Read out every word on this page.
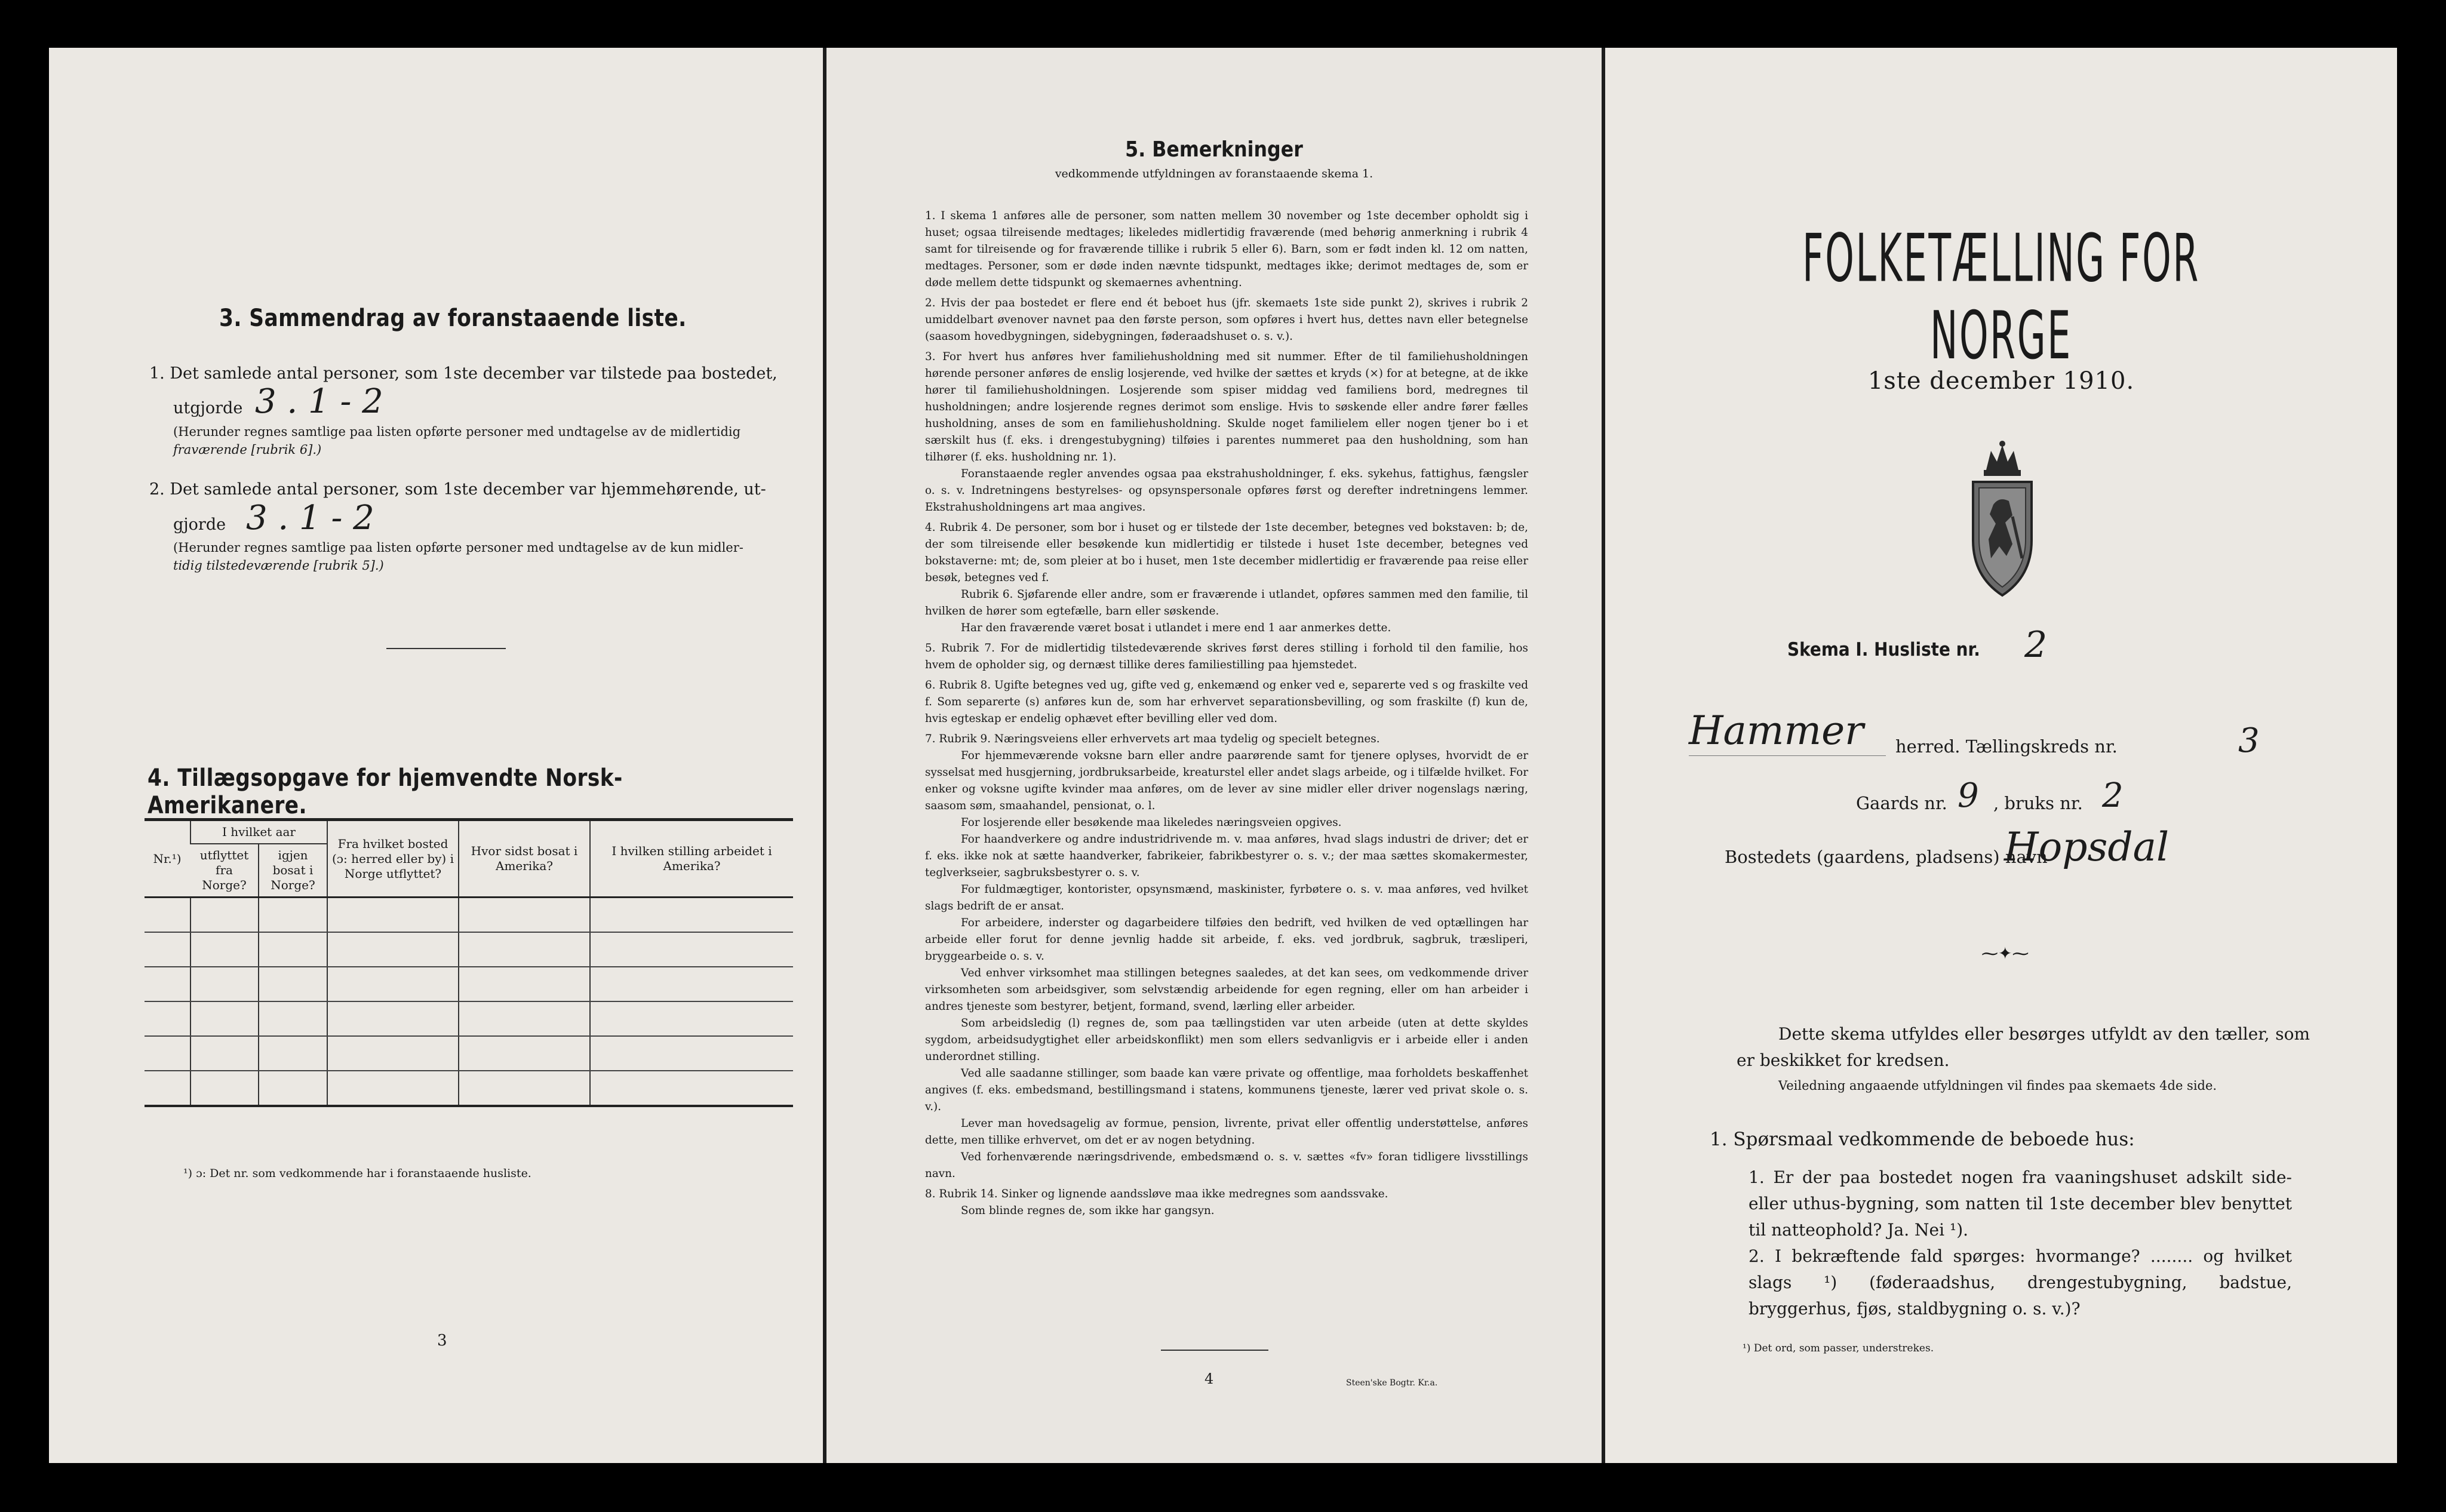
3. Sammendrag av foranstaaende liste.
1. Det samlede antal personer, som 1ste december var tilstede paa bostedet,
utgjorde 3 . 1 - 2
(Herunder regnes samtlige paa listen opførte personer med undtagelse av de midlertidig
fraværende [rubrik 6].)
2. Det samlede antal personer, som 1ste december var hjemmehørende, ut-
gjorde 3 . 1 - 2
(Herunder regnes samtlige paa listen opførte personer med undtagelse av de kun midler-
tidig tilstedeværende [rubrik 5].)
4. Tillægsopgave for hjemvendte Norsk-Amerikanere.
Nr.¹)	I hvilket aar		Fra hvilket bosted (ɔ: herred eller by) i Norge utflyttet?	Hvor sidst bosat i Amerika?	I hvilken stilling arbeidet i Amerika?
	utflyttet fra Norge?	igjen bosat i Norge?			

¹) ɔ: Det nr. som vedkommende har i foranstaaende husliste.
3
5. Bemerkninger
vedkommende utfyldningen av foranstaaende skema 1.

1. I skema 1 anføres alle de personer, som natten mellem 30 november og 1ste december opholdt sig i huset; ogsaa tilreisende medtages; likeledes midlertidig fraværende (med behørig anmerkning i rubrik 4 samt for tilreisende og for fraværende tillike i rubrik 5 eller 6). Barn, som er født inden kl. 12 om natten, medtages. Personer, som er døde inden nævnte tidspunkt, medtages ikke; derimot medtages de, som er døde mellem dette tidspunkt og skemaernes avhentning.

2. Hvis der paa bostedet er flere end ét beboet hus (jfr. skemaets 1ste side punkt 2), skrives i rubrik 2 umiddelbart øvenover navnet paa den første person, som opføres i hvert hus, dettes navn eller betegnelse (saasom hovedbygningen, sidebygningen, føderaadshuset o. s. v.).

3. For hvert hus anføres hver familiehusholdning med sit nummer. Efter de til familiehusholdningen hørende personer anføres de enslig losjerende, ved hvilke der sættes et kryds (×) for at betegne, at de ikke hører til familiehusholdningen. Losjerende som spiser middag ved familiens bord, medregnes til husholdningen; andre losjerende regnes derimot som enslige. Hvis to søskende eller andre fører fælles husholdning, anses de som en familiehusholdning. Skulde noget familielem eller nogen tjener bo i et særskilt hus (f. eks. i drengestubygning) tilføies i parentes nummeret paa den husholdning, som han tilhører (f. eks. husholdning nr. 1).

Foranstaaende regler anvendes ogsaa paa ekstrahusholdninger, f. eks. sykehus, fattighus, fængsler o. s. v. Indretningens bestyrelses- og opsynspersonale opføres først og derefter indretningens lemmer. Ekstrahusholdningens art maa angives.

4. Rubrik 4. De personer, som bor i huset og er tilstede der 1ste december, betegnes ved bokstaven: b; de, der som tilreisende eller besøkende kun midlertidig er tilstede i huset 1ste december, betegnes ved bokstaverne: mt; de, som pleier at bo i huset, men 1ste december midlertidig er fraværende paa reise eller besøk, betegnes ved f.

Rubrik 6. Sjøfarende eller andre, som er fraværende i utlandet, opføres sammen med den familie, til hvilken de hører som egtefælle, barn eller søskende.

Har den fraværende været bosat i utlandet i mere end 1 aar anmerkes dette.

5. Rubrik 7. For de midlertidig tilstedeværende skrives først deres stilling i forhold til den familie, hos hvem de opholder sig, og dernæst tillike deres familiestilling paa hjemstedet.

6. Rubrik 8. Ugifte betegnes ved ug, gifte ved g, enkemænd og enker ved e, separerte ved s og fraskilte ved f. Som separerte (s) anføres kun de, som har erhvervet separationsbevilling, og som fraskilte (f) kun de, hvis egteskap er endelig ophævet efter bevilling eller ved dom.

7. Rubrik 9. Næringsveiens eller erhvervets art maa tydelig og specielt betegnes.

For hjemmeværende voksne barn eller andre paarørende samt for tjenere oplyses, hvorvidt de er sysselsat med husgjerning, jordbruksarbeide, kreaturstel eller andet slags arbeide, og i tilfælde hvilket. For enker og voksne ugifte kvinder maa anføres, om de lever av sine midler eller driver nogenslags næring, saasom søm, smaahandel, pensionat, o. l.

For losjerende eller besøkende maa likeledes næringsveien opgives.

For haandverkere og andre industridrivende m. v. maa anføres, hvad slags industri de driver; det er f. eks. ikke nok at sætte haandverker, fabrikeier, fabrikbestyrer o. s. v.; der maa sættes skomakermester, teglverkseier, sagbruksbestyrer o. s. v.

For fuldmægtiger, kontorister, opsynsmænd, maskinister, fyrbøtere o. s. v. maa anføres, ved hvilket slags bedrift de er ansat.

For arbeidere, inderster og dagarbeidere tilføies den bedrift, ved hvilken de ved optællingen har arbeide eller forut for denne jevnlig hadde sit arbeide, f. eks. ved jordbruk, sagbruk, træsliperi, bryggearbeide o. s. v.

Ved enhver virksomhet maa stillingen betegnes saaledes, at det kan sees, om vedkommende driver virksomheten som arbeidsgiver, som selvstændig arbeidende for egen regning, eller om han arbeider i andres tjeneste som bestyrer, betjent, formand, svend, lærling eller arbeider.

Som arbeidsledig (l) regnes de, som paa tællingstiden var uten arbeide (uten at dette skyldes sygdom, arbeidsudygtighet eller arbeidskonflikt) men som ellers sedvanligvis er i arbeide eller i anden underordnet stilling.

Ved alle saadanne stillinger, som baade kan være private og offentlige, maa forholdets beskaffenhet angives (f. eks. embedsmand, bestillingsmand i statens, kommunens tjeneste, lærer ved privat skole o. s. v.).

Lever man hovedsagelig av formue, pension, livrente, privat eller offentlig understøttelse, anføres dette, men tillike erhvervet, om det er av nogen betydning.

Ved forhenværende næringsdrivende, embedsmænd o. s. v. sættes «fv» foran tidligere livsstillings navn.

8. Rubrik 14. Sinker og lignende aandssløve maa ikke medregnes som aandssvake.

Som blinde regnes de, som ikke har gangsyn.

4	Steen'ske Bogtr. Kr.a.
FOLKETÆLLING FOR NORGE
1ste december 1910.
Skema I. Husliste nr. 2
Hammer herred. Tællingskreds nr.	3
Gaards nr. 9 , bruks nr. 2
Bostedets (gaardens, pladsens) navn
Hopsdal
⁓✦⁓
Dette skema utfyldes eller besørges utfyldt av den tæller, som er beskikket for kredsen.
Veiledning angaaende utfyldningen vil findes paa skemaets 4de side.
1. Spørsmaal vedkommende de beboede hus:
1. Er der paa bostedet nogen fra vaaningshuset adskilt side- eller uthus-bygning, som natten til 1ste december blev benyttet til natteophold? Ja. Nei ¹).
2. I bekræftende fald spørges: hvormange? ........ og hvilket slags ¹) (føderaadshus, drengestubygning, badstue, bryggerhus, fjøs, staldbygning o. s. v.)?
¹) Det ord, som passer, understrekes.
